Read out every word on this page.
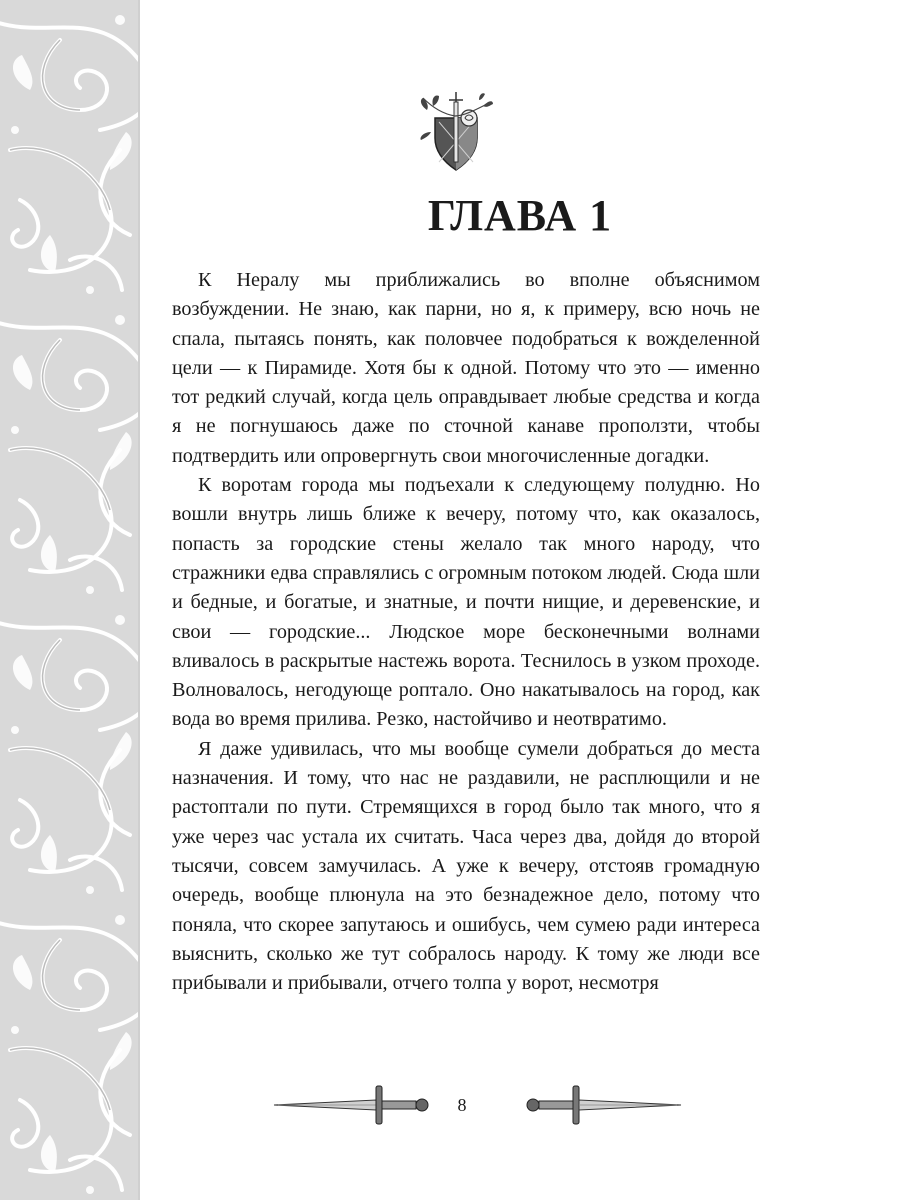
ГЛАВА 1

К Нералу мы приближались во вполне объяснимом возбуждении. Не знаю, как парни, но я, к примеру, всю ночь не спала, пытаясь понять, как половчее подобраться к вожделенной цели — к Пирамиде. Хотя бы к одной. Потому что это — именно тот редкий случай, когда цель оправдывает любые средства и когда я не погнушаюсь даже по сточной канаве проползти, чтобы подтвердить или опровергнуть свои многочисленные догадки.

К воротам города мы подъехали к следующему полудню. Но вошли внутрь лишь ближе к вечеру, потому что, как оказалось, попасть за городские стены желало так много народу, что стражники едва справлялись с огромным потоком людей. Сюда шли и бедные, и богатые, и знатные, и почти нищие, и деревенские, и свои — городские... Людское море бесконечными волнами вливалось в раскрытые настежь ворота. Теснилось в узком проходе. Волновалось, негодующе роптало. Оно накатывалось на город, как вода во время прилива. Резко, настойчиво и неотвратимо.

Я даже удивилась, что мы вообще сумели добраться до места назначения. И тому, что нас не раздавили, не расплющили и не растоптали по пути. Стремящихся в город было так много, что я уже через час устала их считать. Часа через два, дойдя до второй тысячи, совсем замучилась. А уже к вечеру, отстояв громадную очередь, вообще плюнула на это безнадежное дело, потому что поняла, что скорее запутаюсь и ошибусь, чем сумею ради интереса выяснить, сколько же тут собралось народу. К тому же люди все прибывали и прибывали, отчего толпа у ворот, несмотря

8
